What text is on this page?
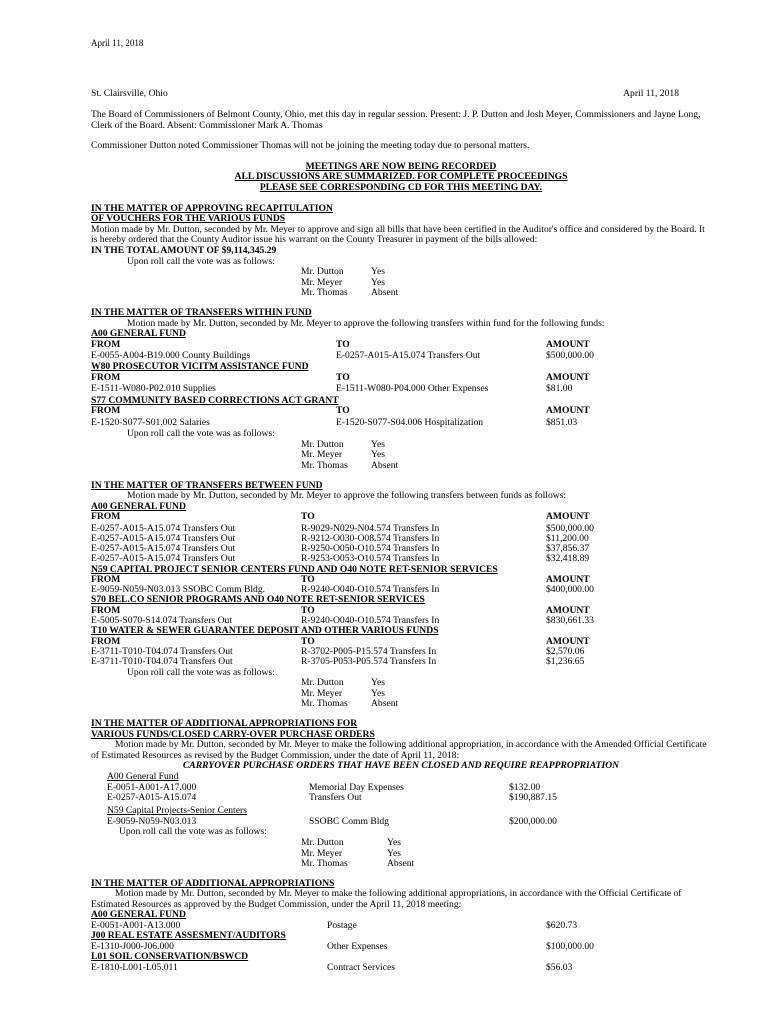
April 11, 2018
St. Clairsville, Ohio	April 11, 2018

The Board of Commissioners of Belmont County, Ohio, met this day in regular session. Present: J. P. Dutton and Josh Meyer, Commissioners and Jayne Long, Clerk of the Board. Absent: Commissioner Mark A. Thomas

Commissioner Dutton noted Commissioner Thomas will not be joining the meeting today due to personal matters.

MEETINGS ARE NOW BEING RECORDED
ALL DISCUSSIONS ARE SUMMARIZED. FOR COMPLETE PROCEEDINGS
PLEASE SEE CORRESPONDING CD FOR THIS MEETING DAY.
IN THE MATTER OF APPROVING RECAPITULATION
OF VOUCHERS FOR THE VARIOUS FUNDS

Motion made by Mr. Dutton, seconded by Mr. Meyer to approve and sign all bills that have been certified in the Auditor's office and considered by the Board. It is hereby ordered that the County Auditor issue his warrant on the County Treasurer in payment of the bills allowed:

IN THE TOTAL AMOUNT OF $9,114,345.29
Upon roll call the vote was as follows:
Mr. Dutton	Yes
Mr. Meyer	Yes
Mr. Thomas Absent
IN THE MATTER OF TRANSFERS WITHIN FUND

Motion made by Mr. Dutton, seconded by Mr. Meyer to approve the following transfers within fund for the following funds:

A00 GENERAL FUND
FROM	TO	AMOUNT
E-0055-A004-B19.000 County Buildings	E-0257-A015-A15.074 Transfers Out	$500,000.00
W80 PROSECUTOR VICITM ASSISTANCE FUND
FROM	TO	AMOUNT
E-1511-W080-P02.010 Supplies	E-1511-W080-P04.000 Other Expenses	$81.00
S77 COMMUNITY BASED CORRECTIONS ACT GRANT
FROM	TO	AMOUNT
E-1520-S077-S01.002 Salaries	E-1520-S077-S04.006 Hospitalization	$851.03
Upon roll call the vote was as follows:
Mr. Dutton	Yes
Mr. Meyer	Yes
Mr. Thomas Absent
IN THE MATTER OF TRANSFERS BETWEEN FUND

Motion made by Mr. Dutton, seconded by Mr. Meyer to approve the following transfers between funds as follows:

A00 GENERAL FUND
FROM	TO	AMOUNT
E-0257-A015-A15.074 Transfers Out	R-9029-N029-N04.574 Transfers In	$500,000.00
E-0257-A015-A15.074 Transfers Out	R-9212-O030-O08.574 Transfers In	$11,200.00
E-0257-A015-A15.074 Transfers Out	R-9250-O050-O10.574 Transfers In	$37,856.37
E-0257-A015-A15.074 Transfers Out	R-9253-O053-O10.574 Transfers In	$32,418.89
N59 CAPITAL PROJECT SENIOR CENTERS FUND AND O40 NOTE RET-SENIOR SERVICES
FROM	TO	AMOUNT
E-9059-N059-N03.013 SSOBC Comm Bldg.	R-9240-O040-O10.574 Transfers In	$400,000.00
S70 BEL.CO SENIOR PROGRAMS AND O40 NOTE RET-SENIOR SERVICES
FROM	TO	AMOUNT
E-5005-S070-S14.074 Transfers Out	R-9240-O040-O10.574 Transfers In	$830,661.33
T10 WATER & SEWER GUARANTEE DEPOSIT AND OTHER VARIOUS FUNDS
FROM	TO	AMOUNT
E-3711-T010-T04.074 Transfers Out	R-3702-P005-P15.574 Transfers In	$2,570.06
E-3711-T010-T04.074 Transfers Out	R-3705-P053-P05.574 Transfers In	$1,236.65
Upon roll call the vote was as follows:
Mr. Dutton	Yes
Mr. Meyer	Yes
Mr. Thomas Absent
IN THE MATTER OF ADDITIONAL APPROPRIATIONS FOR
VARIOUS FUNDS/CLOSED CARRY-OVER PURCHASE ORDERS

Motion made by Mr. Dutton, seconded by Mr. Meyer to make the following additional appropriation, in accordance with the Amended Official Certificate of Estimated Resources as revised by the Budget Commission, under the date of April 11, 2018:

CARRYOVER PURCHASE ORDERS THAT HAVE BEEN CLOSED AND REQUIRE REAPPROPRIATION
A00 General Fund
E-0051-A001-A17.000	Memorial Day Expenses	$132.00
E-0257-A015-A15.074	Transfers Out	$190,887.15
N59 Capital Projects-Senior Centers
E-9059-N059-N03.013	SSOBC Comm Bldg	$200,000.00
Upon roll call the vote was as follows:
Mr. Dutton	Yes
Mr. Meyer	Yes
Mr. Thomas	Absent
IN THE MATTER OF ADDITIONAL APPROPRIATIONS

Motion made by Mr. Dutton, seconded by Mr. Meyer to make the following additional appropriations, in accordance with the Official Certificate of Estimated Resources as approved by the Budget Commission, under the April 11, 2018 meeting:

A00 GENERAL FUND
E-0051-A001-A13.000	Postage	$620.73
J00 REAL ESTATE ASSESMENT/AUDITORS
E-1310-J000-J06.000	Other Expenses	$100,000.00
L01 SOIL CONSERVATION/BSWCD
E-1810-L001-L05.011	Contract Services	$56.03
